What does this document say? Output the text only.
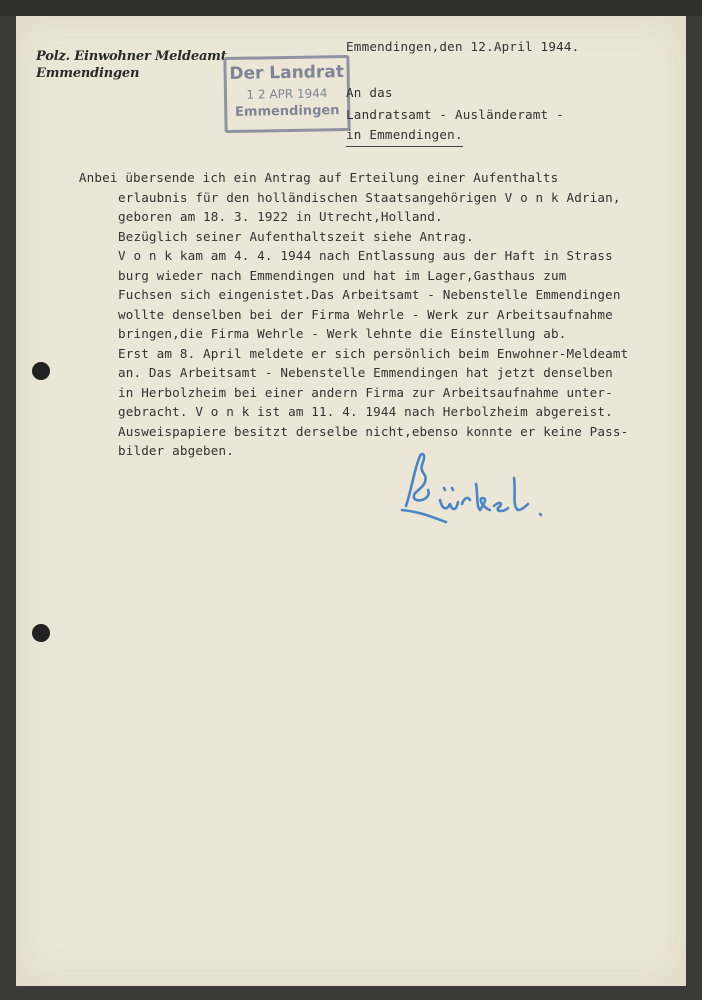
Polz. Einwohner Meldeamt
Emmendingen	Der Landrat
1 2 APR 1944
Emmendingen
Emmendingen,den 12.April 1944.
An das
Landratsamt - Ausländeramt -
in Emmendingen.
Anbei übersende ich ein Antrag auf Erteilung einer Aufenthalts
erlaubnis für den holländischen Staatsangehörigen V o n k Adrian,
geboren am 18. 3. 1922 in Utrecht,Holland.
Bezüglich seiner Aufenthaltszeit siehe Antrag.
V o n k kam am 4. 4. 1944 nach Entlassung aus der Haft in Strass
burg wieder nach Emmendingen und hat im Lager,Gasthaus zum
Fuchsen sich eingenistet.Das Arbeitsamt - Nebenstelle Emmendingen
wollte denselben bei der Firma Wehrle - Werk zur Arbeitsaufnahme
bringen,die Firma Wehrle - Werk lehnte die Einstellung ab.
Erst am 8. April meldete er sich persönlich beim Enwohner-Meldeamt
an. Das Arbeitsamt - Nebenstelle Emmendingen hat jetzt denselben
in Herbolzheim bei einer andern Firma zur Arbeitsaufnahme unter-
gebracht. V o n k ist am 11. 4. 1944 nach Herbolzheim abgereist.
Ausweispapiere besitzt derselbe nicht,ebenso konnte er keine Pass-
bilder abgeben.
